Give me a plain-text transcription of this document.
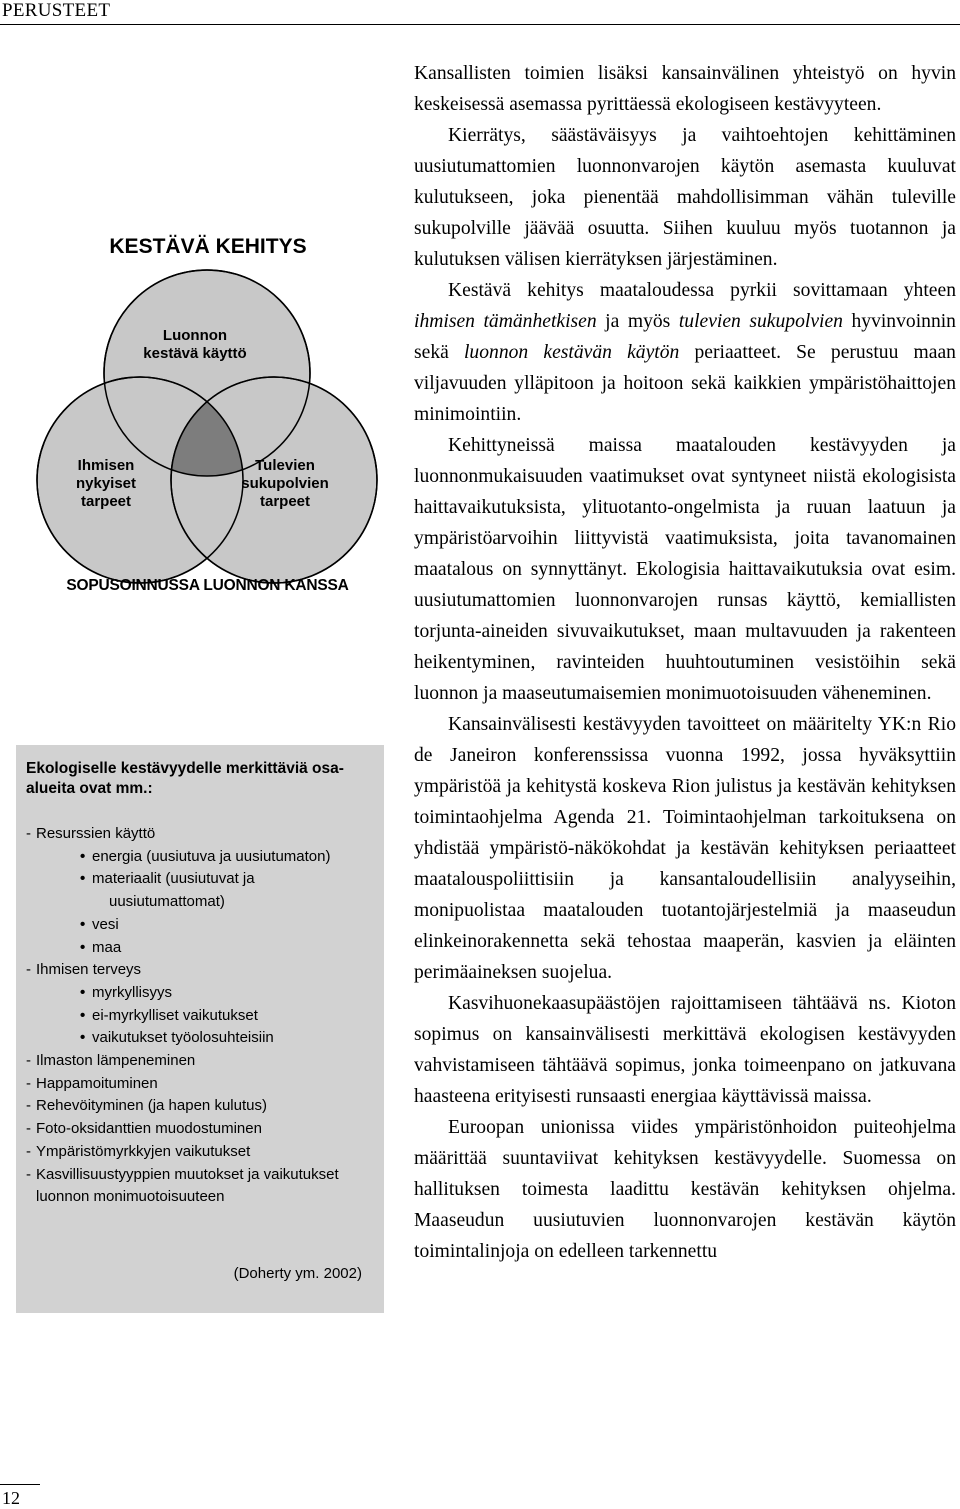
PERUSTEET
KESTÄVÄ KEHITYS
Luonnon
kestävä käyttö
Ihmisen
nykyiset
tarpeet
Tulevien
sukupolvien
tarpeet
SOPUSOINNUSSA LUONNON KANSSA
Ekologiselle kestävyydelle merkittäviä osa-
alueita ovat mm.:
- Resurssien käyttö
• energia (uusiutuva ja uusiutumaton)
• materiaalit (uusiutuvat ja
uusiutumattomat)
• vesi
• maa
- Ihmisen terveys
• myrkyllisyys
• ei-myrkylliset vaikutukset
• vaikutukset työolosuhteisiin
- Ilmaston lämpeneminen
- Happamoituminen
- Rehevöityminen (ja hapen kulutus)
- Foto-oksidanttien muodostuminen
- Ympäristömyrkkyjen vaikutukset
- Kasvillisuustyyppien muutokset ja vaikutukset
luonnon monimuotoisuuteen
(Doherty ym. 2002)

Kansallisten toimien lisäksi kansainvälinen yhteistyö on hyvin keskeisessä asemassa pyrittäessä ekologiseen kestävyyteen.

Kierrätys, säästäväisyys ja vaihtoehtojen kehittäminen uusiutumattomien luonnonvarojen käytön asemasta kuuluvat kulutukseen, joka pienentää mahdollisimman vähän tuleville sukupolville jäävää osuutta. Siihen kuuluu myös tuotannon ja kulutuksen välisen kierrätyksen järjestäminen.

Kestävä kehitys maataloudessa pyrkii sovittamaan yhteen ihmisen tämänhetkisen ja myös tulevien sukupolvien hyvinvoinnin sekä luonnon kestävän käytön periaatteet. Se perustuu maan viljavuuden ylläpitoon ja hoitoon sekä kaikkien ympäristöhaittojen minimointiin.

Kehittyneissä maissa maatalouden kestävyyden ja luonnonmukaisuuden vaatimukset ovat syntyneet niistä ekologisista haittavaikutuksista, ylituotanto-ongelmista ja ruuan laatuun ja ympäristöarvoihin liittyvistä vaatimuksista, joita tavanomainen maatalous on synnyttänyt. Ekologisia haittavaikutuksia ovat esim. uusiutumattomien luonnonvarojen runsas käyttö, kemiallisten torjunta-aineiden sivuvaikutukset, maan multavuuden ja rakenteen heikentyminen, ravinteiden huuhtoutuminen vesistöihin sekä luonnon ja maaseutumaisemien monimuotoisuuden väheneminen.

Kansainvälisesti kestävyyden tavoitteet on määritelty YK:n Rio de Janeiron konferenssissa vuonna 1992, jossa hyväksyttiin ympäristöä ja kehitystä koskeva Rion julistus ja kestävän kehityksen toimintaohjelma Agenda 21. Toimintaohjelman tarkoituksena on yhdistää ympäristö-näkökohdat ja kestävän kehityksen periaatteet maatalouspoliittisiin ja kansantaloudellisiin analyyseihin, monipuolistaa maatalouden tuotantojärjestelmiä ja maaseudun elinkeinorakennetta sekä tehostaa maaperän, kasvien ja eläinten perimäaineksen suojelua.

Kasvihuonekaasupäästöjen rajoittamiseen tähtäävä ns. Kioton sopimus on kansainvälisesti merkittävä ekologisen kestävyyden vahvistamiseen tähtäävä sopimus, jonka toimeenpano on jatkuvana haasteena erityisesti runsaasti energiaa käyttävissä maissa.

Euroopan unionissa viides ympäristönhoidon puiteohjelma määrittää suuntaviivat kehityksen kestävyydelle. Suomessa on hallituksen toimesta laadittu kestävän kehityksen ohjelma. Maaseudun uusiutuvien luonnonvarojen kestävän käytön toimintalinjoja on edelleen tarkennettu

12
